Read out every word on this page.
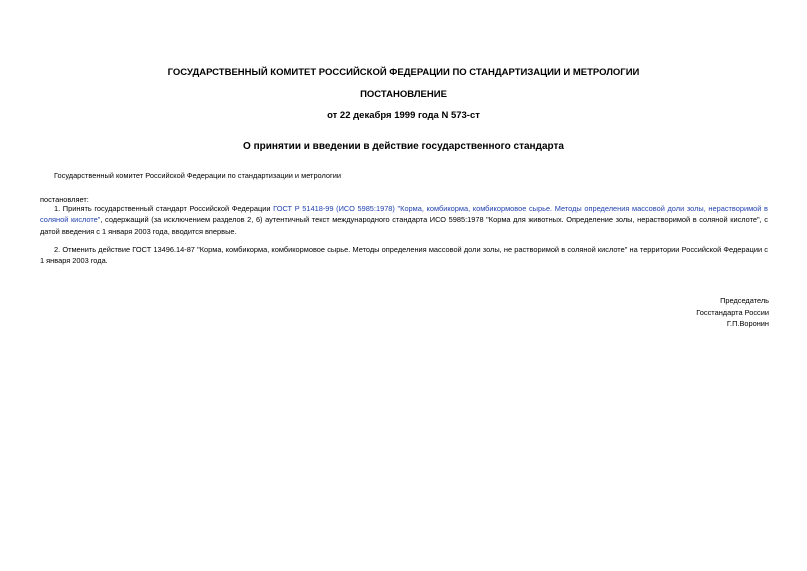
ГОСУДАРСТВЕННЫЙ КОМИТЕТ РОССИЙСКОЙ ФЕДЕРАЦИИ ПО СТАНДАРТИЗАЦИИ И МЕТРОЛОГИИ
ПОСТАНОВЛЕНИЕ
от 22 декабря 1999 года N 573-ст
О принятии и введении в действие государственного стандарта
Государственный комитет Российской Федерации по стандартизации и метрологии
постановляет:
1. Принять государственный стандарт Российской Федерации ГОСТ Р 51418-99 (ИСО 5985:1978) "Корма, комбикорма, комбикормовое сырье. Методы определения массовой доли золы, нерастворимой в соляной кислоте", содержащий (за исключением разделов 2, 6) аутентичный текст международного стандарта ИСО 5985:1978 "Корма для животных. Определение золы, нерастворимой в соляной кислоте", с датой введения с 1 января 2003 года, вводится впервые.
2. Отменить действие ГОСТ 13496.14-87 "Корма, комбикорма, комбикормовое сырье. Методы определения массовой доли золы, не растворимой в соляной кислоте" на территории Российской Федерации с 1 января 2003 года.
Председатель
Госстандарта России
Г.П.Воронин
